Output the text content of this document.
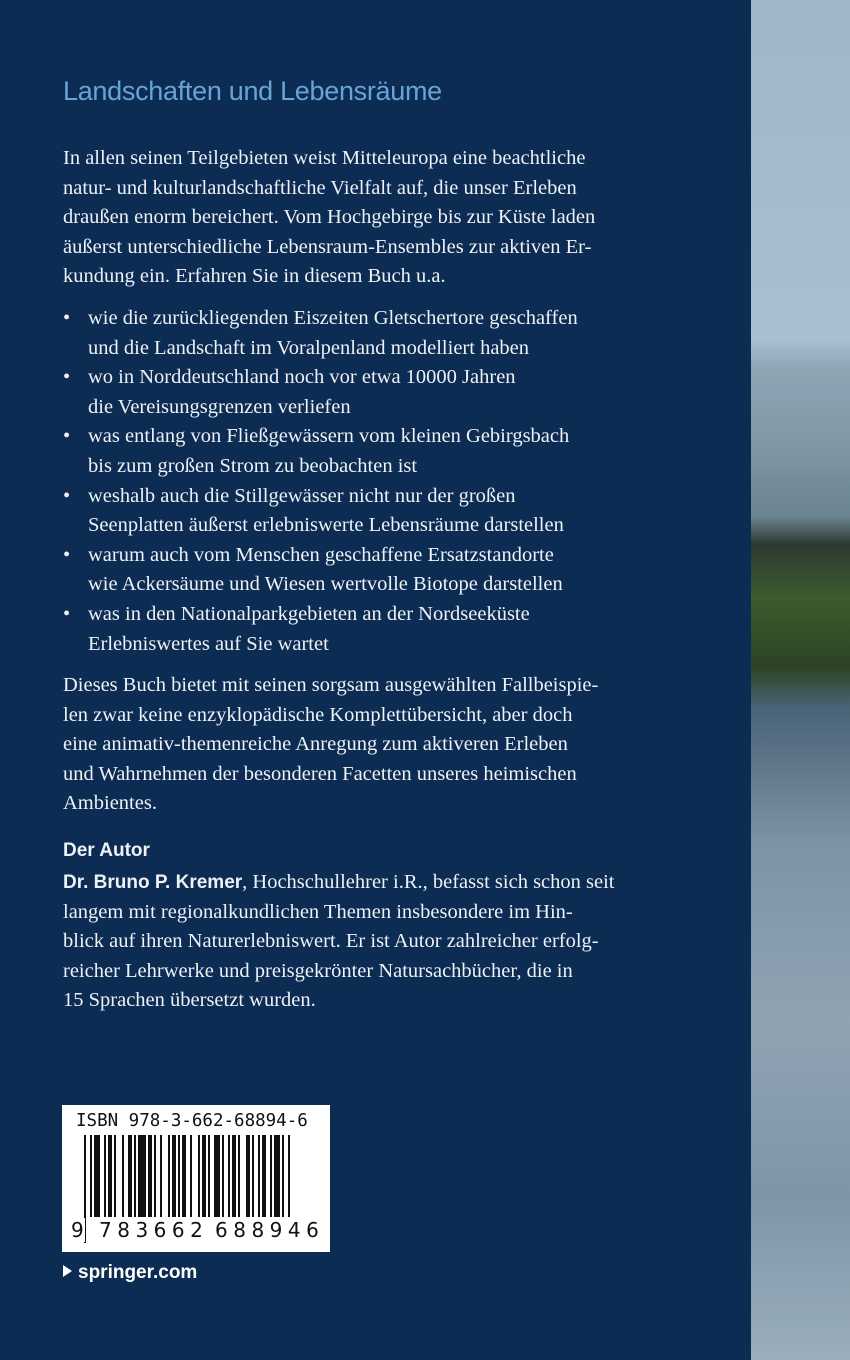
Landschaften und Lebensräume
In allen seinen Teilgebieten weist Mitteleuropa eine beachtliche
natur- und kulturlandschaftliche Vielfalt auf, die unser Erleben
draußen enorm bereichert. Vom Hochgebirge bis zur Küste laden
äußerst unterschiedliche Lebensraum-Ensembles zur aktiven Er-
kundung ein. Erfahren Sie in diesem Buch u.a.
• wie die zurückliegenden Eiszeiten Gletschertore geschaffen
und die Landschaft im Voralpenland modelliert haben
• wo in Norddeutschland noch vor etwa 10000 Jahren
die Vereisungsgrenzen verliefen
• was entlang von Fließgewässern vom kleinen Gebirgsbach
bis zum großen Strom zu beobachten ist
• weshalb auch die Stillgewässer nicht nur der großen
Seenplatten äußerst erlebniswerte Lebensräume darstellen
• warum auch vom Menschen geschaffene Ersatzstandorte
wie Ackersäume und Wiesen wertvolle Biotope darstellen
• was in den Nationalparkgebieten an der Nordseeküste
Erlebniswertes auf Sie wartet
Dieses Buch bietet mit seinen sorgsam ausgewählten Fallbeispie-
len zwar keine enzyklopädische Komplettübersicht, aber doch
eine animativ-themenreiche Anregung zum aktiveren Erleben
und Wahrnehmen der besonderen Facetten unseres heimischen
Ambientes.
Der Autor
Dr. Bruno P. Kremer, Hochschullehrer i.R., befasst sich schon seit
langem mit regionalkundlichen Themen insbesondere im Hin-
blick auf ihren Naturerlebniswert. Er ist Autor zahlreicher erfolg-
reicher Lehrwerke und preisgekrönter Natursachbücher, die in
15 Sprachen übersetzt wurden.
ISBN 978-3-662-68894-6
9 783662 688946
springer.com
